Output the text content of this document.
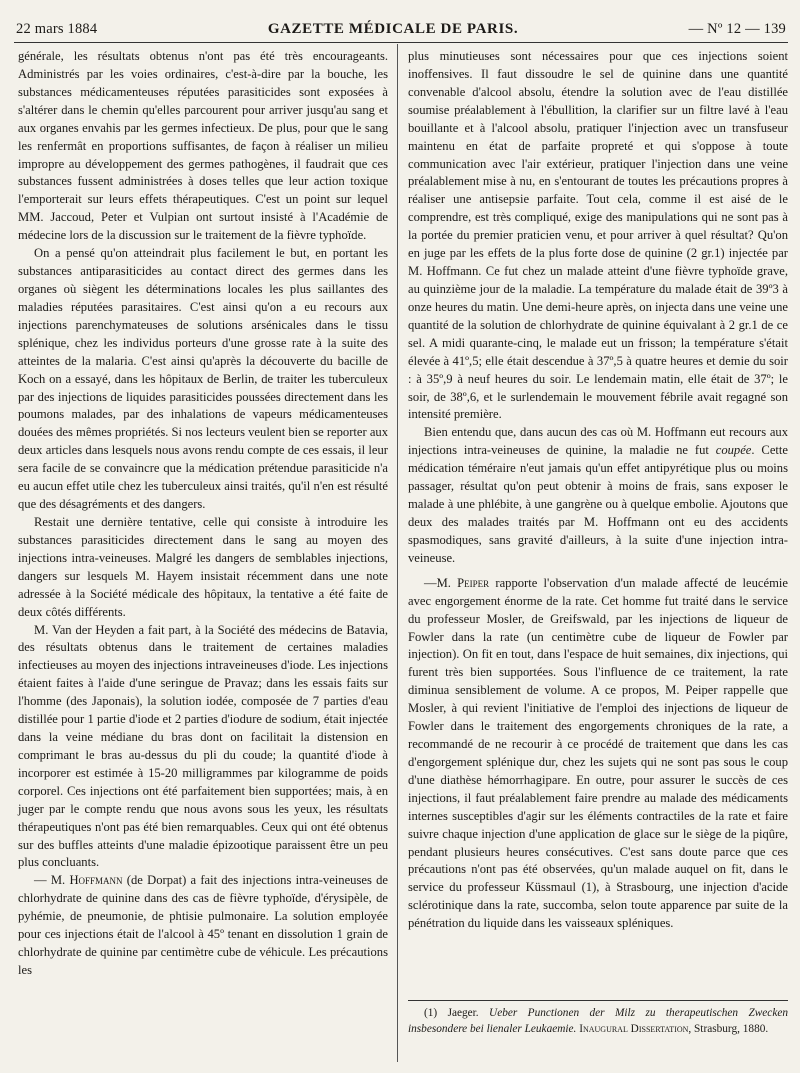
22 mars 1884	GAZETTE MÉDICALE DE PARIS.	— Nº 12 — 139

générale, les résultats obtenus n'ont pas été très encourageants. Administrés par les voies ordinaires, c'est-à-dire par la bouche, les substances médicamenteuses réputées parasiticides sont exposées à s'altérer dans le chemin qu'elles parcourent pour arriver jusqu'au sang et aux organes envahis par les germes infectieux. De plus, pour que le sang les renfermât en proportions suffisantes, de façon à réaliser un milieu impropre au développement des germes pathogènes, il faudrait que ces substances fussent administrées à doses telles que leur action toxique l'emporterait sur leurs effets thérapeutiques. C'est un point sur lequel MM. Jaccoud, Peter et Vulpian ont surtout insisté à l'Académie de médecine lors de la discussion sur le traitement de la fièvre typhoïde.

On a pensé qu'on atteindrait plus facilement le but, en portant les substances antiparasiticides au contact direct des germes dans les organes où siègent les déterminations locales les plus saillantes des maladies réputées parasitaires. C'est ainsi qu'on a eu recours aux injections parenchymateuses de solutions arsénicales dans le tissu splénique, chez les individus porteurs d'une grosse rate à la suite des atteintes de la malaria. C'est ainsi qu'après la découverte du bacille de Koch on a essayé, dans les hôpitaux de Berlin, de traiter les tuberculeux par des injections de liquides parasiticides poussées directement dans les poumons malades, par des inhalations de vapeurs médicamenteuses douées des mêmes propriétés. Si nos lecteurs veulent bien se reporter aux deux articles dans lesquels nous avons rendu compte de ces essais, il leur sera facile de se convaincre que la médication prétendue parasiticide n'a eu aucun effet utile chez les tuberculeux ainsi traités, qu'il n'en est résulté que des désagréments et des dangers.

Restait une dernière tentative, celle qui consiste à introduire les substances parasiticides directement dans le sang au moyen des injections intra-veineuses. Malgré les dangers de semblables injections, dangers sur lesquels M. Hayem insistait récemment dans une note adressée à la Société médicale des hôpitaux, la tentative a été faite de deux côtés différents.

M. Van der Heyden a fait part, à la Société des médecins de Batavia, des résultats obtenus dans le traitement de certaines maladies infectieuses au moyen des injections intraveineuses d'iode. Les injections étaient faites à l'aide d'une seringue de Pravaz; dans les essais faits sur l'homme (des Japonais), la solution iodée, composée de 7 parties d'eau distillée pour 1 partie d'iode et 2 parties d'iodure de sodium, était injectée dans la veine médiane du bras dont on facilitait la distension en comprimant le bras au-dessus du pli du coude; la quantité d'iode à incorporer est estimée à 15-20 milligrammes par kilogramme de poids corporel. Ces injections ont été parfaitement bien supportées; mais, à en juger par le compte rendu que nous avons sous les yeux, les résultats thérapeutiques n'ont pas été bien remarquables. Ceux qui ont été obtenus sur des buffles atteints d'une maladie épizootique paraissent être un peu plus concluants.

— M. Hoffmann (de Dorpat) a fait des injections intra-veineuses de chlorhydrate de quinine dans des cas de fièvre typhoïde, d'érysipèle, de pyhémie, de pneumonie, de phtisie pulmonaire. La solution employée pour ces injections était de l'alcool à 45º tenant en dissolution 1 grain de chlorhydrate de quinine par centimètre cube de véhicule. Les précautions les

plus minutieuses sont nécessaires pour que ces injections soient inoffensives. Il faut dissoudre le sel de quinine dans une quantité convenable d'alcool absolu, étendre la solution avec de l'eau distillée soumise préalablement à l'ébullition, la clarifier sur un filtre lavé à l'eau bouillante et à l'alcool absolu, pratiquer l'injection avec un transfuseur maintenu en état de parfaite propreté et qui s'oppose à toute communication avec l'air extérieur, pratiquer l'injection dans une veine préalablement mise à nu, en s'entourant de toutes les précautions propres à réaliser une antisepsie parfaite. Tout cela, comme il est aisé de le comprendre, est très compliqué, exige des manipulations qui ne sont pas à la portée du premier praticien venu, et pour arriver à quel résultat? Qu'on en juge par les effets de la plus forte dose de quinine (2 gr.1) injectée par M. Hoffmann. Ce fut chez un malade atteint d'une fièvre typhoïde grave, au quinzième jour de la maladie. La température du malade était de 39º3 à onze heures du matin. Une demi-heure après, on injecta dans une veine une quantité de la solution de chlorhydrate de quinine équivalant à 2 gr.1 de ce sel. A midi quarante-cinq, le malade eut un frisson; la température s'était élevée à 41º,5; elle était descendue à 37º,5 à quatre heures et demie du soir : à 35º,9 à neuf heures du soir. Le lendemain matin, elle était de 37º; le soir, de 38º,6, et le surlendemain le mouvement fébrile avait regagné son intensité première.

Bien entendu que, dans aucun des cas où M. Hoffmann eut recours aux injections intra-veineuses de quinine, la maladie ne fut coupée. Cette médication téméraire n'eut jamais qu'un effet antipyrétique plus ou moins passager, résultat qu'on peut obtenir à moins de frais, sans exposer le malade à une phlébite, à une gangrène ou à quelque embolie. Ajoutons que deux des malades traités par M. Hoffmann ont eu des accidents spasmodiques, sans gravité d'ailleurs, à la suite d'une injection intra-veineuse.

—M. Peiper rapporte l'observation d'un malade affecté de leucémie avec engorgement énorme de la rate. Cet homme fut traité dans le service du professeur Mosler, de Greifswald, par les injections de liqueur de Fowler dans la rate (un centimètre cube de liqueur de Fowler par injection). On fit en tout, dans l'espace de huit semaines, dix injections, qui furent très bien supportées. Sous l'influence de ce traitement, la rate diminua sensiblement de volume. A ce propos, M. Peiper rappelle que Mosler, à qui revient l'initiative de l'emploi des injections de liqueur de Fowler dans le traitement des engorgements chroniques de la rate, a recommandé de ne recourir à ce procédé de traitement que dans les cas d'engorgement splénique dur, chez les sujets qui ne sont pas sous le coup d'une diathèse hémorrhagipare. En outre, pour assurer le succès de ces injections, il faut préalablement faire prendre au malade des médicaments internes susceptibles d'agir sur les éléments contractiles de la rate et faire suivre chaque injection d'une application de glace sur le siège de la piqûre, pendant plusieurs heures consécutives. C'est sans doute parce que ces précautions n'ont pas été observées, qu'un malade auquel on fit, dans le service du professeur Küssmaul (1), à Strasbourg, une injection d'acide sclérotinique dans la rate, succomba, selon toute apparence par suite de la pénétration du liquide dans les vaisseaux spléniques.

(1) Jaeger. Ueber Punctionen der Milz zu therapeutischen Zwecken insbesondere bei lienaler Leukaemie. Inaugural Dissertation, Strasburg, 1880.
